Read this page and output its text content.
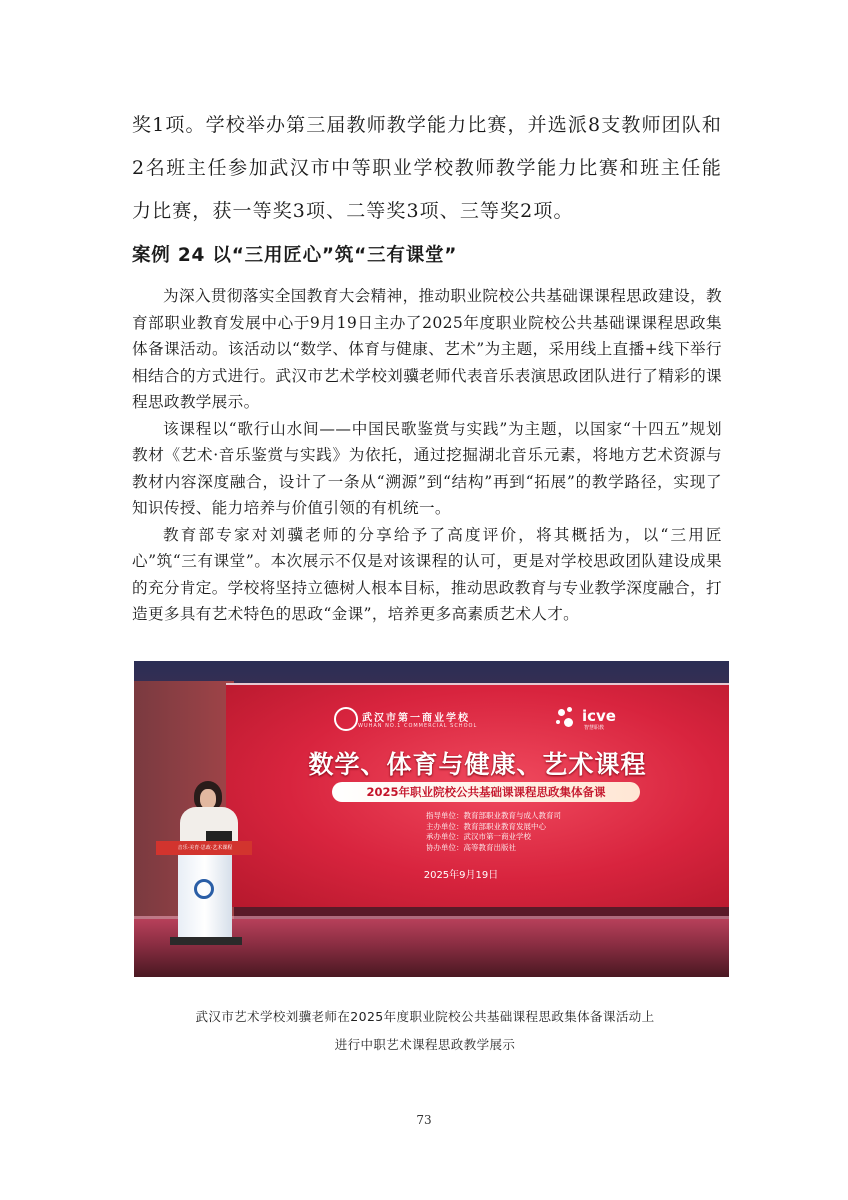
奖1项。学校举办第三届教师教学能力比赛，并选派8支教师团队和2名班主任参加武汉市中等职业学校教师教学能力比赛和班主任能力比赛，获一等奖3项、二等奖3项、三等奖2项。

案例 24 以“三用匠心”筑“三有课堂”

为深入贯彻落实全国教育大会精神，推动职业院校公共基础课课程思政建设，教育部职业教育发展中心于9月19日主办了2025年度职业院校公共基础课课程思政集体备课活动。该活动以“数学、体育与健康、艺术”为主题，采用线上直播+线下举行相结合的方式进行。武汉市艺术学校刘骥老师代表音乐表演思政团队进行了精彩的课程思政教学展示。

该课程以“歌行山水间——中国民歌鉴赏与实践”为主题，以国家“十四五”规划教材《艺术·音乐鉴赏与实践》为依托，通过挖掘湖北音乐元素，将地方艺术资源与教材内容深度融合，设计了一条从“溯源”到“结构”再到“拓展”的教学路径，实现了知识传授、能力培养与价值引领的有机统一。

教育部专家对刘骥老师的分享给予了高度评价，将其概括为，以“三用匠心”筑“三有课堂”。本次展示不仅是对该课程的认可，更是对学校思政团队建设成果的充分肯定。学校将坚持立德树人根本目标，推动思政教育与专业教学深度融合，打造更多具有艺术特色的思政“金课”，培养更多高素质艺术人才。

武汉市第一商业学校
WUHAN NO.1 COMMERCIAL SCHOOL
icve
智慧职教
数学、体育与健康、艺术课程
2025年职业院校公共基础课课程思政集体备课
指导单位：教育部职业教育与成人教育司
主办单位：教育部职业教育发展中心
承办单位：武汉市第一商业学校
协办单位：高等教育出版社
2025年9月19日
音乐·美育·思政·艺术课程
武汉市艺术学校刘骥老师在2025年度职业院校公共基础课程思政集体备课活动上
进行中职艺术课程思政教学展示
73
